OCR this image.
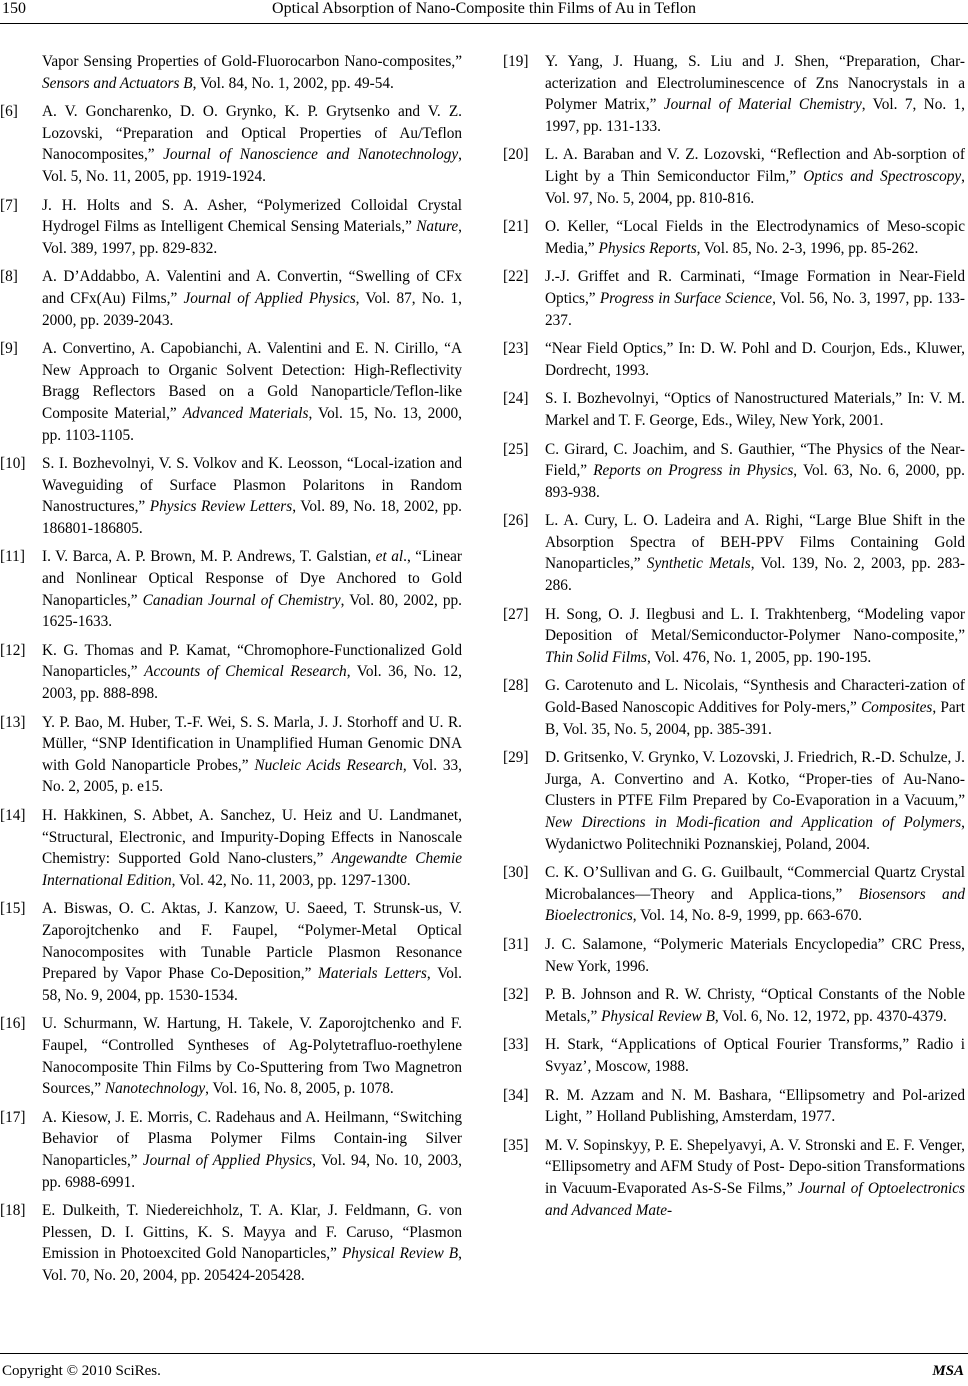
150	Optical Absorption of Nano-Composite thin Films of Au in Teflon
Vapor Sensing Properties of Gold-Fluorocarbon Nano-composites,” Sensors and Actuators B, Vol. 84, No. 1, 2002, pp. 49-54.
[6] A. V. Goncharenko, D. O. Grynko, K. P. Grytsenko and V. Z. Lozovski, “Preparation and Optical Properties of Au/Teflon Nanocomposites,” Journal of Nanoscience and Nanotechnology, Vol. 5, No. 11, 2005, pp. 1919-1924.
[7] J. H. Holts and S. A. Asher, “Polymerized Colloidal Crystal Hydrogel Films as Intelligent Chemical Sensing Materials,” Nature, Vol. 389, 1997, pp. 829-832.
[8] A. D’Addabbo, A. Valentini and A. Convertin, “Swelling of CFx and CFx(Au) Films,” Journal of Applied Physics, Vol. 87, No. 1, 2000, pp. 2039-2043.
[9] A. Convertino, A. Capobianchi, A. Valentini and E. N. Cirillo, “A New Approach to Organic Solvent Detection: High-Reflectivity Bragg Reflectors Based on a Gold Nanoparticle/Teflon-like Composite Material,” Advanced Materials, Vol. 15, No. 13, 2000, pp. 1103-1105.
[10] S. I. Bozhevolnyi, V. S. Volkov and K. Leosson, “Local-ization and Waveguiding of Surface Plasmon Polaritons in Random Nanostructures,” Physics Review Letters, Vol. 89, No. 18, 2002, pp. 186801-186805.
[11] I. V. Barca, A. P. Brown, M. P. Andrews, T. Galstian, et al., “Linear and Nonlinear Optical Response of Dye Anchored to Gold Nanoparticles,” Canadian Journal of Chemistry, Vol. 80, 2002, pp. 1625-1633.
[12] K. G. Thomas and P. Kamat, “Chromophore-Functionalized Gold Nanoparticles,” Accounts of Chemical Research, Vol. 36, No. 12, 2003, pp. 888-898.
[13] Y. P. Bao, M. Huber, T.-F. Wei, S. S. Marla, J. J. Storhoff and U. R. Müller, “SNP Identification in Unamplified Human Genomic DNA with Gold Nanoparticle Probes,” Nucleic Acids Research, Vol. 33, No. 2, 2005, p. e15.
[14] H. Hakkinen, S. Abbet, A. Sanchez, U. Heiz and U. Landmanet, “Structural, Electronic, and Impurity-Doping Effects in Nanoscale Chemistry: Supported Gold Nano-clusters,” Angewandte Chemie International Edition, Vol. 42, No. 11, 2003, pp. 1297-1300.
[15] A. Biswas, O. C. Aktas, J. Kanzow, U. Saeed, T. Strunsk-us, V. Zaporojtchenko and F. Faupel, “Polymer-Metal Optical Nanocomposites with Tunable Particle Plasmon Resonance Prepared by Vapor Phase Co-Deposition,” Materials Letters, Vol. 58, No. 9, 2004, pp. 1530-1534.
[16] U. Schurmann, W. Hartung, H. Takele, V. Zaporojtchenko and F. Faupel, “Controlled Syntheses of Ag-Polytetrafluo-roethylene Nanocomposite Thin Films by Co-Sputtering from Two Magnetron Sources,” Nanotechnology, Vol. 16, No. 8, 2005, p. 1078.
[17] A. Kiesow, J. E. Morris, C. Radehaus and A. Heilmann, “Switching Behavior of Plasma Polymer Films Contain-ing Silver Nanoparticles,” Journal of Applied Physics, Vol. 94, No. 10, 2003, pp. 6988-6991.
[18] E. Dulkeith, T. Niedereichholz, T. A. Klar, J. Feldmann, G. von Plessen, D. I. Gittins, K. S. Mayya and F. Caruso, “Plasmon Emission in Photoexcited Gold Nanoparticles,” Physical Review B, Vol. 70, No. 20, 2004, pp. 205424-205428.
[19] Y. Yang, J. Huang, S. Liu and J. Shen, “Preparation, Char-acterization and Electroluminescence of Zns Nanocrystals in a Polymer Matrix,” Journal of Material Chemistry, Vol. 7, No. 1, 1997, pp. 131-133.
[20] L. A. Baraban and V. Z. Lozovski, “Reflection and Ab-sorption of Light by a Thin Semiconductor Film,” Optics and Spectroscopy, Vol. 97, No. 5, 2004, pp. 810-816.
[21] O. Keller, “Local Fields in the Electrodynamics of Meso-scopic Media,” Physics Reports, Vol. 85, No. 2-3, 1996, pp. 85-262.
[22] J.-J. Griffet and R. Carminati, “Image Formation in Near-Field Optics,” Progress in Surface Science, Vol. 56, No. 3, 1997, pp. 133-237.
[23] “Near Field Optics,” In: D. W. Pohl and D. Courjon, Eds., Kluwer, Dordrecht, 1993.
[24] S. I. Bozhevolnyi, “Optics of Nanostructured Materials,” In: V. M. Markel and T. F. George, Eds., Wiley, New York, 2001.
[25] C. Girard, C. Joachim, and S. Gauthier, “The Physics of the Near-Field,” Reports on Progress in Physics, Vol. 63, No. 6, 2000, pp. 893-938.
[26] L. A. Cury, L. O. Ladeira and A. Righi, “Large Blue Shift in the Absorption Spectra of BEH-PPV Films Containing Gold Nanoparticles,” Synthetic Metals, Vol. 139, No. 2, 2003, pp. 283-286.
[27] H. Song, O. J. Ilegbusi and L. I. Trakhtenberg, “Modeling vapor Deposition of Metal/Semiconductor-Polymer Nano-composite,” Thin Solid Films, Vol. 476, No. 1, 2005, pp. 190-195.
[28] G. Carotenuto and L. Nicolais, “Synthesis and Characteri-zation of Gold-Based Nanoscopic Additives for Poly-mers,” Composites, Part B, Vol. 35, No. 5, 2004, pp. 385-391.
[29] D. Gritsenko, V. Grynko, V. Lozovski, J. Friedrich, R.-D. Schulze, J. Jurga, A. Convertino and A. Kotko, “Proper-ties of Au-Nano-Clusters in PTFE Film Prepared by Co-Evaporation in a Vacuum,” New Directions in Modi-fication and Application of Polymers, Wydanictwo Politechniki Poznanskiej, Poland, 2004.
[30] C. K. O’Sullivan and G. G. Guilbault, “Commercial Quartz Crystal Microbalances―Theory and Applica-tions,” Biosensors and Bioelectronics, Vol. 14, No. 8-9, 1999, pp. 663-670.
[31] J. C. Salamone, “Polymeric Materials Encyclopedia” CRC Press, New York, 1996.
[32] P. B. Johnson and R. W. Christy, “Optical Constants of the Noble Metals,” Physical Review B, Vol. 6, No. 12, 1972, pp. 4370-4379.
[33] H. Stark, “Applications of Optical Fourier Transforms,” Radio i Svyaz’, Moscow, 1988.
[34] R. M. Azzam and N. M. Bashara, “Ellipsometry and Pol-arized Light, ” Holland Publishing, Amsterdam, 1977.
[35] M. V. Sopinskyy, P. E. Shepelyavyi, A. V. Stronski and E. F. Venger, “Ellipsometry and AFM Study of Post- Depo-sition Transformations in Vacuum-Evaporated As-S-Se Films,” Journal of Optoelectronics and Advanced Mate-
Copyright © 2010 SciRes.	MSA
